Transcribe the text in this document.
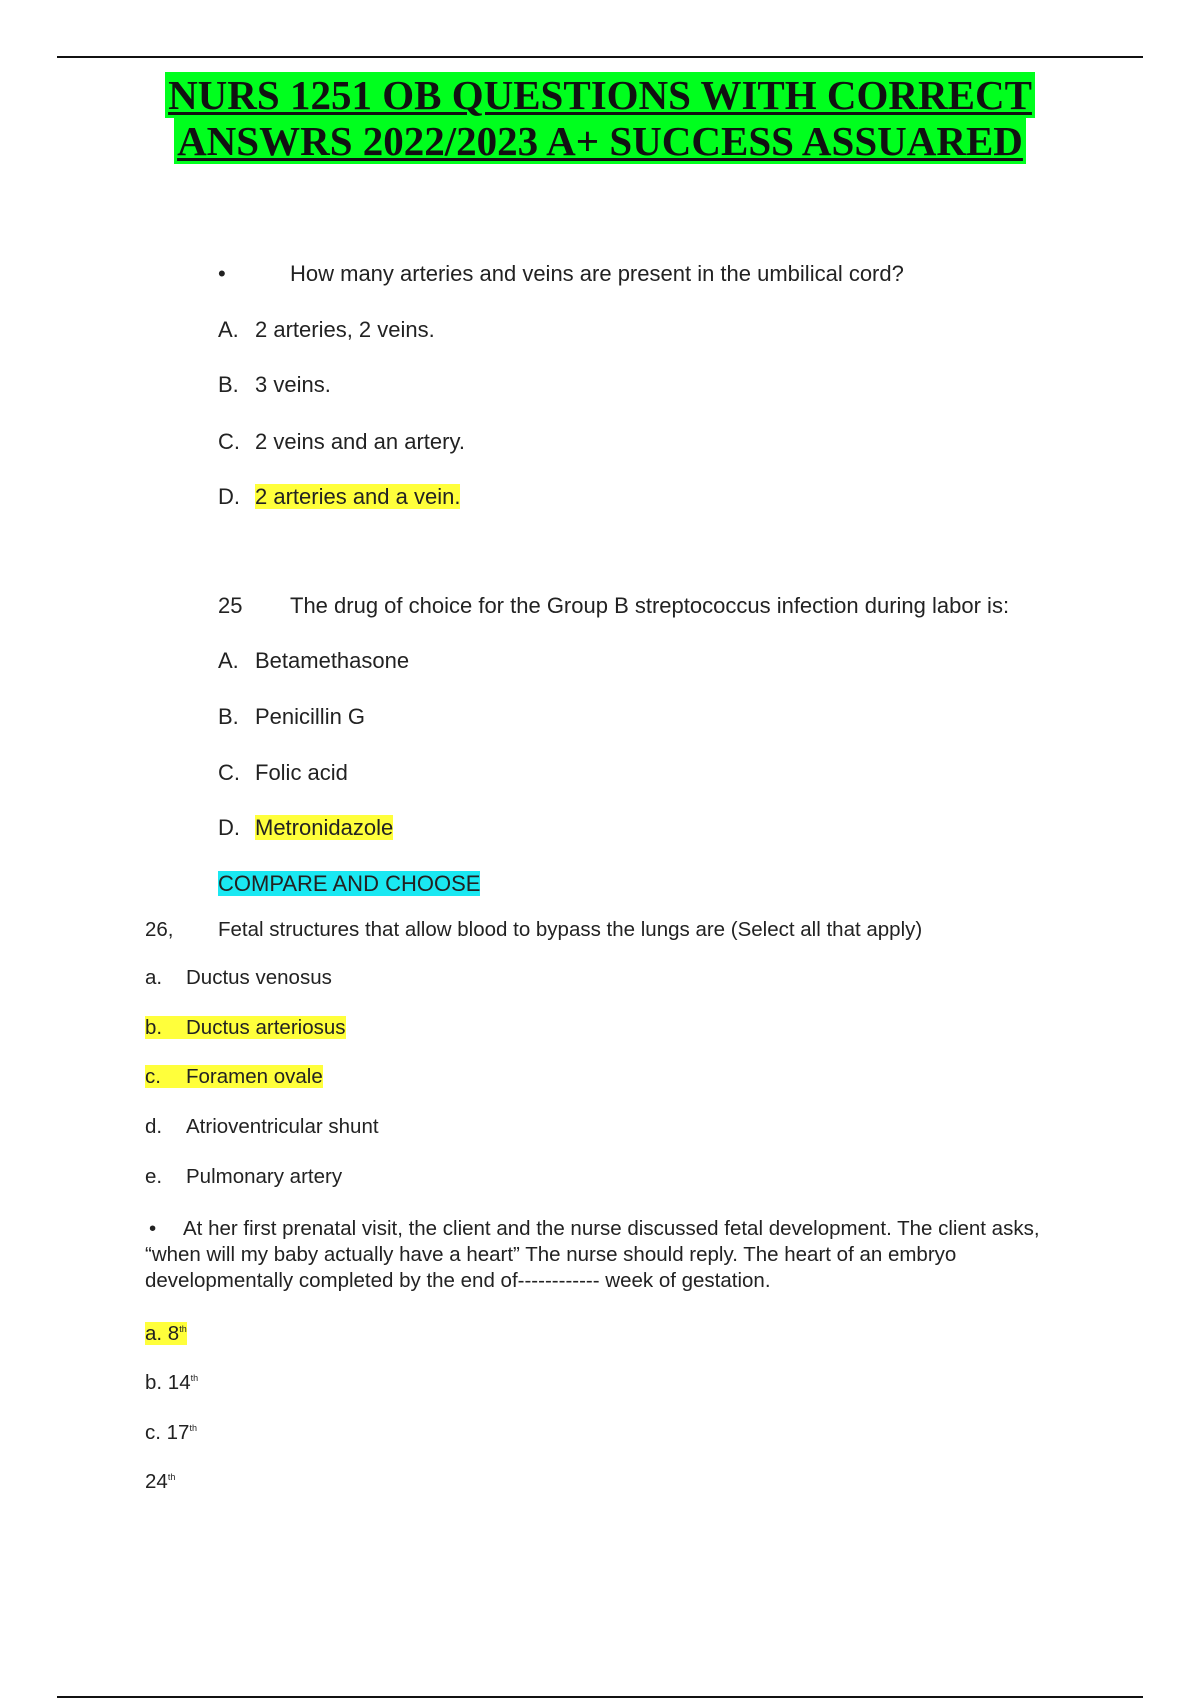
NURS 1251 OB QUESTIONS WITH CORRECT
ANSWRS 2022/2023 A+ SUCCESS ASSUARED
•	How many arteries and veins are present in the umbilical cord?
A. 2 arteries, 2 veins.
B. 3 veins.
C. 2 veins and an artery.
D. 2 arteries and a vein.
25 The drug of choice for the Group B streptococcus infection during labor is:
A. Betamethasone
B. Penicillin G
C. Folic acid
D. Metronidazole
COMPARE AND CHOOSE
26, Fetal structures that allow blood to bypass the lungs are (Select all that apply)
a. Ductus venosus
b. Ductus arteriosus
c. Foramen ovale
d. Atrioventricular shunt
e. Pulmonary artery
• At her first prenatal visit, the client and the nurse discussed fetal development. The client asks, “when will my baby actually have a heart” The nurse should reply. The heart of an embryo developmentally completed by the end of------------ week of gestation.
a. 8th
b. 14th
c. 17th
24th
